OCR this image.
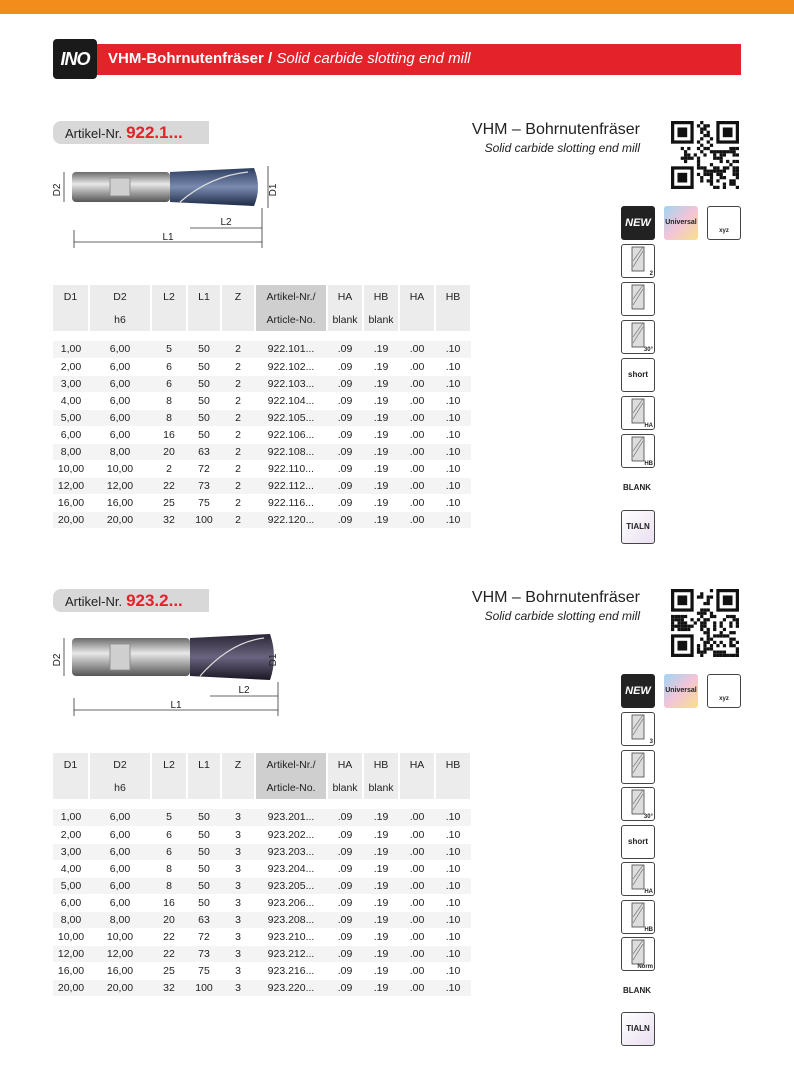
INO	VHM-Bohrnutenfräser / Solid carbide slotting end mill
Artikel-Nr. 922.1...	VHM – Bohrnutenfräser
Solid carbide slotting end mill
D2	D1
L2
L1
NEW	Universal
xyz
2
30°
short
HA
HB
BLANK
TIALN
D1	D2	L2	L1	Z	Artikel-Nr./	HA	HB	HA	HB
	h6				Article-No.	blank	blank		

1,00	6,00	5	50	2	922.101...	.09	.19	.00	.10
2,00	6,00	6	50	2	922.102...	.09	.19	.00	.10
3,00	6,00	6	50	2	922.103...	.09	.19	.00	.10
4,00	6,00	8	50	2	922.104...	.09	.19	.00	.10
5,00	6,00	8	50	2	922.105...	.09	.19	.00	.10
6,00	6,00	16	50	2	922.106...	.09	.19	.00	.10
8,00	8,00	20	63	2	922.108...	.09	.19	.00	.10
10,00	10,00	2	72	2	922.110...	.09	.19	.00	.10
12,00	12,00	22	73	2	922.112...	.09	.19	.00	.10
16,00	16,00	25	75	2	922.116...	.09	.19	.00	.10
20,00	20,00	32	100	2	922.120...	.09	.19	.00	.10
Artikel-Nr. 923.2...	VHM – Bohrnutenfräser
Solid carbide slotting end mill
D2	D1
L2
L1
NEW	Universal
xyz
3
30°
short
HA
HB
Norm
BLANK
TIALN
D1	D2	L2	L1	Z	Artikel-Nr./	HA	HB	HA	HB
	h6				Article-No.	blank	blank		

1,00	6,00	5	50	3	923.201...	.09	.19	.00	.10
2,00	6,00	6	50	3	923.202...	.09	.19	.00	.10
3,00	6,00	6	50	3	923.203...	.09	.19	.00	.10
4,00	6,00	8	50	3	923.204...	.09	.19	.00	.10
5,00	6,00	8	50	3	923.205...	.09	.19	.00	.10
6,00	6,00	16	50	3	923.206...	.09	.19	.00	.10
8,00	8,00	20	63	3	923.208...	.09	.19	.00	.10
10,00	10,00	22	72	3	923.210...	.09	.19	.00	.10
12,00	12,00	22	73	3	923.212...	.09	.19	.00	.10
16,00	16,00	25	75	3	923.216...	.09	.19	.00	.10
20,00	20,00	32	100	3	923.220...	.09	.19	.00	.10
